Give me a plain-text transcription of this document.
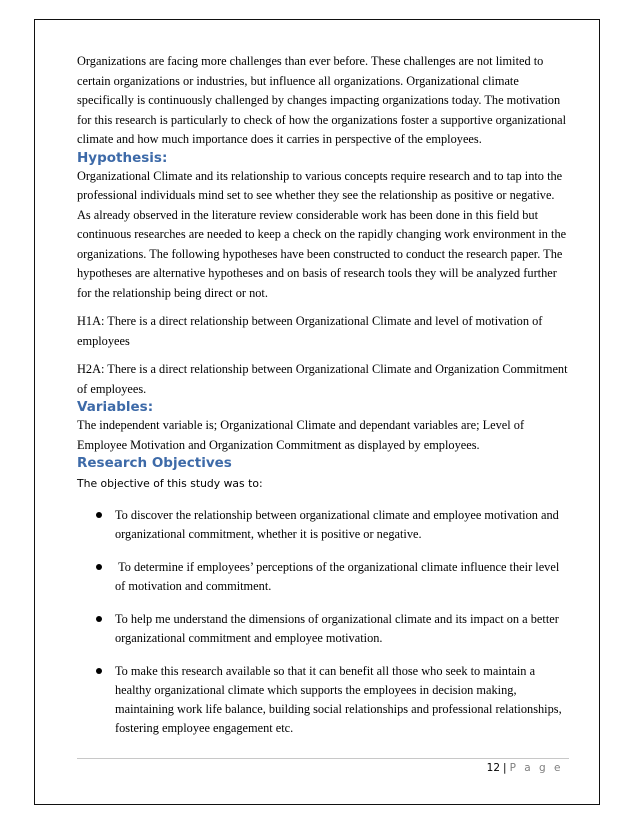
Organizations are facing more challenges than ever before. These challenges are not limited to certain organizations or industries, but influence all organizations. Organizational climate specifically is continuously challenged by changes impacting organizations today. The motivation for this research is particularly to check of how the organizations foster a supportive organizational climate and how much importance does it carries in perspective of the employees.

Hypothesis:

Organizational Climate and its relationship to various concepts require research and to tap into the professional individuals mind set to see whether they see the relationship as positive or negative. As already observed in the literature review considerable work has been done in this field but continuous researches are needed to keep a check on the rapidly changing work environment in the organizations. The following hypotheses have been constructed to conduct the research paper. The hypotheses are alternative hypotheses and on basis of research tools they will be analyzed further for the relationship being direct or not.

H1A: There is a direct relationship between Organizational Climate and level of motivation of employees

H2A: There is a direct relationship between Organizational Climate and Organization Commitment of employees.

Variables:

The independent variable is; Organizational Climate and dependant variables are; Level of Employee Motivation and Organization Commitment as displayed by employees.

Research Objectives

The objective of this study was to:

To discover the relationship between organizational climate and employee motivation and organizational commitment, whether it is positive or negative.
To determine if employees’ perceptions of the organizational climate influence their level of motivation and commitment.
To help me understand the dimensions of organizational climate and its impact on a better organizational commitment and employee motivation.
To make this research available so that it can benefit all those who seek to maintain a healthy organizational climate which supports the employees in decision making, maintaining work life balance, building social relationships and professional relationships, fostering employee engagement etc.
12 | P a g e
